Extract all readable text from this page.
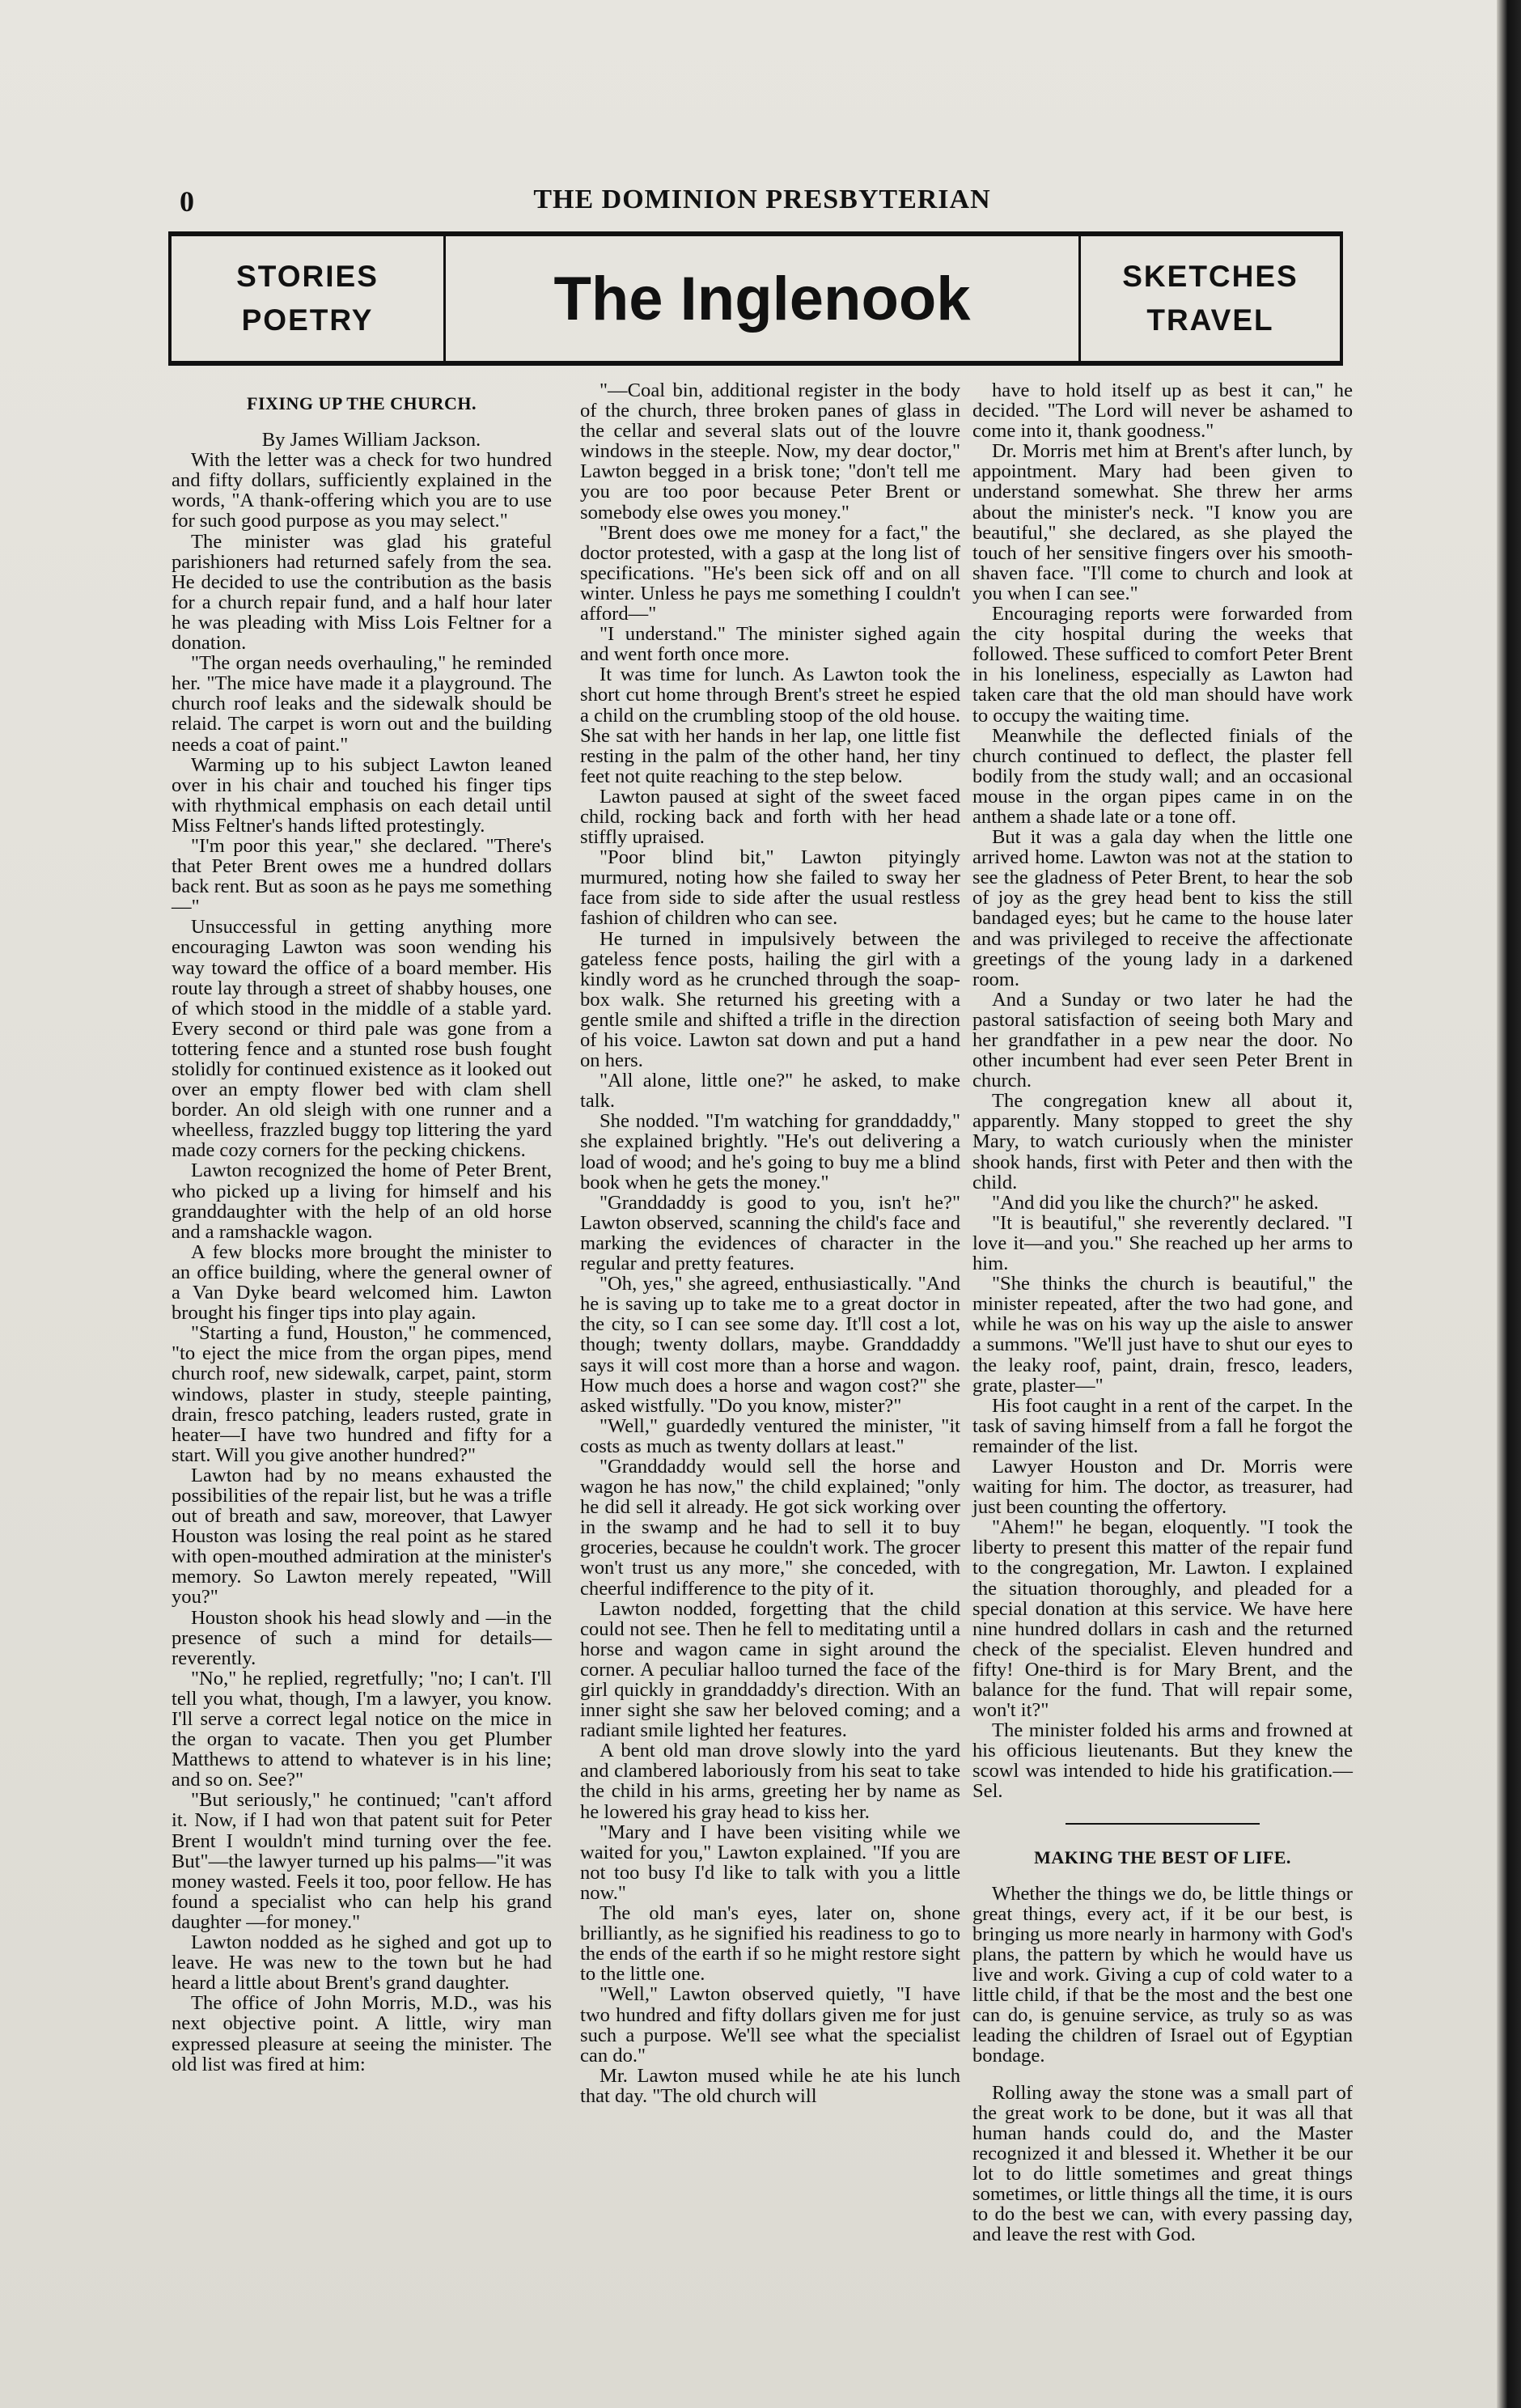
0	THE DOMINION PRESBYTERIAN
STORIES
POETRY	The Inglenook	SKETCHES
TRAVEL
FIXING UP THE CHURCH.

By James William Jackson.

With the letter was a check for two hundred and fifty dollars, sufficiently explained in the words, "A thank-offering which you are to use for such good purpose as you may select."

The minister was glad his grateful parishioners had returned safely from the sea. He decided to use the contribution as the basis for a church repair fund, and a half hour later he was pleading with Miss Lois Feltner for a donation.

"The organ needs overhauling," he reminded her. "The mice have made it a playground. The church roof leaks and the sidewalk should be relaid. The carpet is worn out and the building needs a coat of paint."

Warming up to his subject Lawton leaned over in his chair and touched his finger tips with rhythmical emphasis on each detail until Miss Feltner's hands lifted protestingly.

"I'm poor this year," she declared. "There's that Peter Brent owes me a hundred dollars back rent. But as soon as he pays me something—"

Unsuccessful in getting anything more encouraging Lawton was soon wending his way toward the office of a board member. His route lay through a street of shabby houses, one of which stood in the middle of a stable yard. Every second or third pale was gone from a tottering fence and a stunted rose bush fought stolidly for continued existence as it looked out over an empty flower bed with clam shell border. An old sleigh with one runner and a wheelless, frazzled buggy top littering the yard made cozy corners for the pecking chickens.

Lawton recognized the home of Peter Brent, who picked up a living for himself and his granddaughter with the help of an old horse and a ramshackle wagon.

A few blocks more brought the minister to an office building, where the general owner of a Van Dyke beard welcomed him. Lawton brought his finger tips into play again.

"Starting a fund, Houston," he commenced, "to eject the mice from the organ pipes, mend church roof, new sidewalk, carpet, paint, storm windows, plaster in study, steeple painting, drain, fresco patching, leaders rusted, grate in heater—I have two hundred and fifty for a start. Will you give another hundred?"

Lawton had by no means exhausted the possibilities of the repair list, but he was a trifle out of breath and saw, moreover, that Lawyer Houston was losing the real point as he stared with open-mouthed admiration at the minister's memory. So Lawton merely repeated, "Will you?"

Houston shook his head slowly and —in the presence of such a mind for details—reverently.

"No," he replied, regretfully; "no; I can't. I'll tell you what, though, I'm a lawyer, you know. I'll serve a correct legal notice on the mice in the organ to vacate. Then you get Plumber Matthews to attend to whatever is in his line; and so on. See?"

"But seriously," he continued; "can't afford it. Now, if I had won that patent suit for Peter Brent I wouldn't mind turning over the fee. But"—the lawyer turned up his palms—"it was money wasted. Feels it too, poor fellow. He has found a specialist who can help his grand daughter —for money."

Lawton nodded as he sighed and got up to leave. He was new to the town but he had heard a little about Brent's grand daughter.

The office of John Morris, M.D., was his next objective point. A little, wiry man expressed pleasure at seeing the minister. The old list was fired at him:

"—Coal bin, additional register in the body of the church, three broken panes of glass in the cellar and several slats out of the louvre windows in the steeple. Now, my dear doctor," Lawton begged in a brisk tone; "don't tell me you are too poor because Peter Brent or somebody else owes you money."

"Brent does owe me money for a fact," the doctor protested, with a gasp at the long list of specifications. "He's been sick off and on all winter. Unless he pays me something I couldn't afford—"

"I understand." The minister sighed again and went forth once more.

It was time for lunch. As Lawton took the short cut home through Brent's street he espied a child on the crumbling stoop of the old house. She sat with her hands in her lap, one little fist resting in the palm of the other hand, her tiny feet not quite reaching to the step below.

Lawton paused at sight of the sweet faced child, rocking back and forth with her head stiffly upraised.

"Poor blind bit," Lawton pityingly murmured, noting how she failed to sway her face from side to side after the usual restless fashion of children who can see.

He turned in impulsively between the gateless fence posts, hailing the girl with a kindly word as he crunched through the soap-box walk. She returned his greeting with a gentle smile and shifted a trifle in the direction of his voice. Lawton sat down and put a hand on hers.

"All alone, little one?" he asked, to make talk.

She nodded. "I'm watching for granddaddy," she explained brightly. "He's out delivering a load of wood; and he's going to buy me a blind book when he gets the money."

"Granddaddy is good to you, isn't he?" Lawton observed, scanning the child's face and marking the evidences of character in the regular and pretty features.

"Oh, yes," she agreed, enthusiastically. "And he is saving up to take me to a great doctor in the city, so I can see some day. It'll cost a lot, though; twenty dollars, maybe. Granddaddy says it will cost more than a horse and wagon. How much does a horse and wagon cost?" she asked wistfully. "Do you know, mister?"

"Well," guardedly ventured the minister, "it costs as much as twenty dollars at least."

"Granddaddy would sell the horse and wagon he has now," the child explained; "only he did sell it already. He got sick working over in the swamp and he had to sell it to buy groceries, because he couldn't work. The grocer won't trust us any more," she conceded, with cheerful indifference to the pity of it.

Lawton nodded, forgetting that the child could not see. Then he fell to meditating until a horse and wagon came in sight around the corner. A peculiar halloo turned the face of the girl quickly in granddaddy's direction. With an inner sight she saw her beloved coming; and a radiant smile lighted her features.

A bent old man drove slowly into the yard and clambered laboriously from his seat to take the child in his arms, greeting her by name as he lowered his gray head to kiss her.

"Mary and I have been visiting while we waited for you," Lawton explained. "If you are not too busy I'd like to talk with you a little now."

The old man's eyes, later on, shone brilliantly, as he signified his readiness to go to the ends of the earth if so he might restore sight to the little one.

"Well," Lawton observed quietly, "I have two hundred and fifty dollars given me for just such a purpose. We'll see what the specialist can do."

Mr. Lawton mused while he ate his lunch that day. "The old church will

have to hold itself up as best it can," he decided. "The Lord will never be ashamed to come into it, thank goodness."

Dr. Morris met him at Brent's after lunch, by appointment. Mary had been given to understand somewhat. She threw her arms about the minister's neck. "I know you are beautiful," she declared, as she played the touch of her sensitive fingers over his smooth-shaven face. "I'll come to church and look at you when I can see."

Encouraging reports were forwarded from the city hospital during the weeks that followed. These sufficed to comfort Peter Brent in his loneliness, especially as Lawton had taken care that the old man should have work to occupy the waiting time.

Meanwhile the deflected finials of the church continued to deflect, the plaster fell bodily from the study wall; and an occasional mouse in the organ pipes came in on the anthem a shade late or a tone off.

But it was a gala day when the little one arrived home. Lawton was not at the station to see the gladness of Peter Brent, to hear the sob of joy as the grey head bent to kiss the still bandaged eyes; but he came to the house later and was privileged to receive the affectionate greetings of the young lady in a darkened room.

And a Sunday or two later he had the pastoral satisfaction of seeing both Mary and her grandfather in a pew near the door. No other incumbent had ever seen Peter Brent in church.

The congregation knew all about it, apparently. Many stopped to greet the shy Mary, to watch curiously when the minister shook hands, first with Peter and then with the child.

"And did you like the church?" he asked.

"It is beautiful," she reverently declared. "I love it—and you." She reached up her arms to him.

"She thinks the church is beautiful," the minister repeated, after the two had gone, and while he was on his way up the aisle to answer a summons. "We'll just have to shut our eyes to the leaky roof, paint, drain, fresco, leaders, grate, plaster—"

His foot caught in a rent of the carpet. In the task of saving himself from a fall he forgot the remainder of the list.

Lawyer Houston and Dr. Morris were waiting for him. The doctor, as treasurer, had just been counting the offertory.

"Ahem!" he began, eloquently. "I took the liberty to present this matter of the repair fund to the congregation, Mr. Lawton. I explained the situation thoroughly, and pleaded for a special donation at this service. We have here nine hundred dollars in cash and the returned check of the specialist. Eleven hundred and fifty! One-third is for Mary Brent, and the balance for the fund. That will repair some, won't it?"

The minister folded his arms and frowned at his officious lieutenants. But they knew the scowl was intended to hide his gratification.—Sel.

MAKING THE BEST OF LIFE.

Whether the things we do, be little things or great things, every act, if it be our best, is bringing us more nearly in harmony with God's plans, the pattern by which he would have us live and work. Giving a cup of cold water to a little child, if that be the most and the best one can do, is genuine service, as truly so as was leading the children of Israel out of Egyptian bondage.

Rolling away the stone was a small part of the great work to be done, but it was all that human hands could do, and the Master recognized it and blessed it. Whether it be our lot to do little sometimes and great things sometimes, or little things all the time, it is ours to do the best we can, with every passing day, and leave the rest with God.
